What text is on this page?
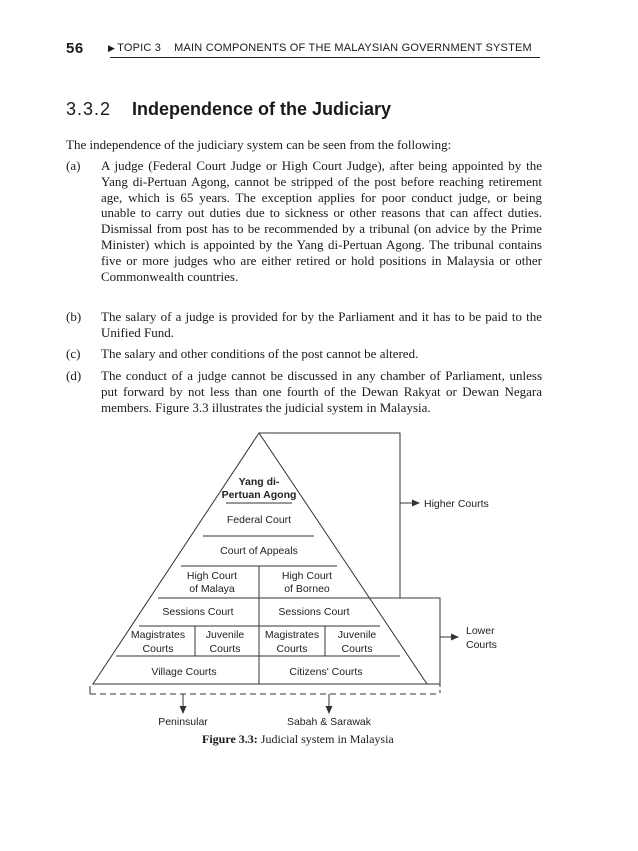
56	▶ TOPIC 3    MAIN COMPONENTS OF THE MALAYSIAN GOVERNMENT SYSTEM
3.3.2 Independence of the Judiciary
The independence of the judiciary system can be seen from the following:
(a)	A judge (Federal Court Judge or High Court Judge), after being appointed by the Yang di-Pertuan Agong, cannot be stripped of the post before reaching retirement age, which is 65 years. The exception applies for poor conduct judge, or being unable to carry out duties due to sickness or other reasons that can affect duties. Dismissal from post has to be recommended by a tribunal (on advice by the Prime Minister) which is appointed by the Yang di-Pertuan Agong. The tribunal contains five or more judges who are either retired or hold positions in Malaysia or other Commonwealth countries.
(b)	The salary of a judge is provided for by the Parliament and it has to be paid to the Unified Fund.
(c)	The salary and other conditions of the post cannot be altered.
(d)	The conduct of a judge cannot be discussed in any chamber of Parliament, unless put forward by not less than one fourth of the Dewan Rakyat or Dewan Negara members. Figure 3.3 illustrates the judicial system in Malaysia.
Yang di-
Pertuan Agong
Federal Court
Court of Appeals
High Court
of Malaya
High Court
of Borneo
Sessions Court	Sessions Court
Magistrates
Courts
Juvenile
Courts
Magistrates
Courts
Juvenile
Courts
Village Courts	Citizens' Courts
Higher Courts
Lower
Courts
Peninsular	Sabah & Sarawak
Figure 3.3: Judicial system in Malaysia
